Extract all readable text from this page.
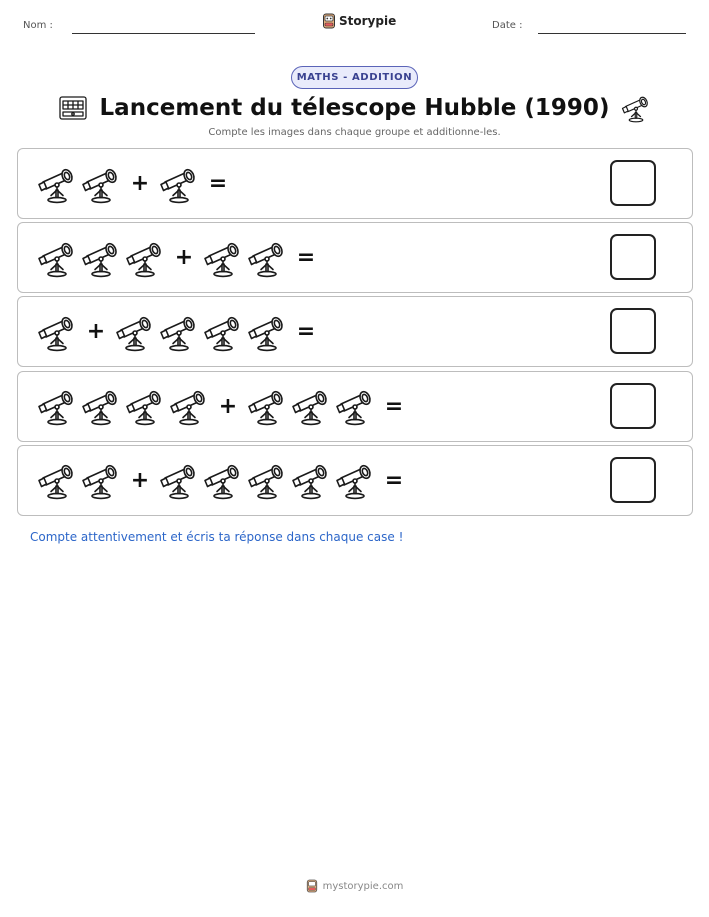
Nom :	Storypie	Date :
MATHS - ADDITION
Lancement du télescope Hubble (1990)
Compte les images dans chaque groupe et additionne-les.
+	=
+	=
+	=
+	=
+	=
Compte attentivement et écris ta réponse dans chaque case !
mystorypie.com
